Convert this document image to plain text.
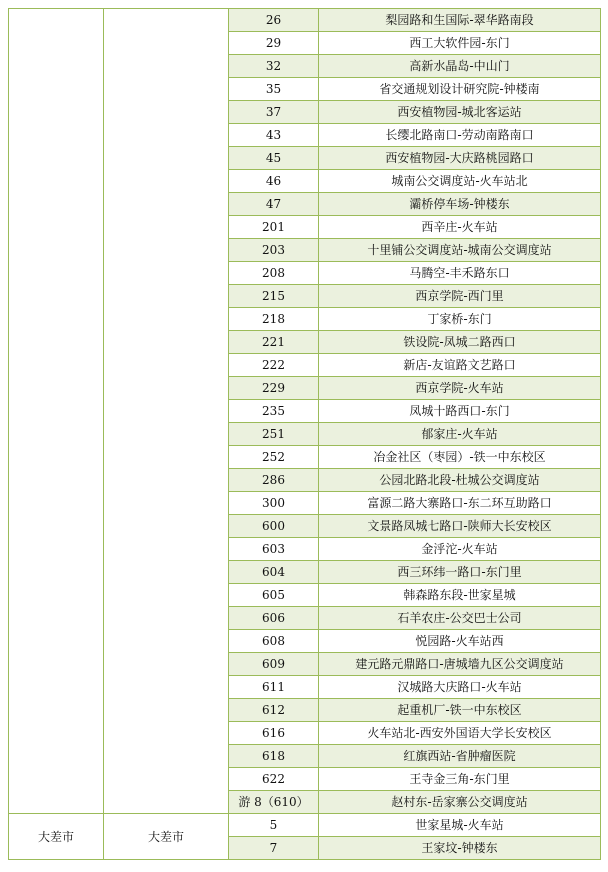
		26	梨园路和生国际-翠华路南段
		29	西工大软件园-东门
		32	高新水晶岛-中山门
		35	省交通规划设计研究院-钟楼南
		37	西安植物园-城北客运站
		43	长缨北路南口-劳动南路南口
		45	西安植物园-大庆路桃园路口
		46	城南公交调度站-火车站北
		47	灞桥停车场-钟楼东
		201	西辛庄-火车站
		203	十里铺公交调度站-城南公交调度站
		208	马腾空-丰禾路东口
		215	西京学院-西门里
		218	丁家桥-东门
		221	铁设院-凤城二路西口
		222	新店-友谊路文艺路口
		229	西京学院-火车站
		235	凤城十路西口-东门
		251	郁家庄-火车站
		252	冶金社区（枣园）-铁一中东校区
		286	公园北路北段-杜城公交调度站
		300	富源二路大寨路口-东二环互助路口
		600	文景路凤城七路口-陕师大长安校区
		603	金泘沱-火车站
		604	西三环纬一路口-东门里
		605	韩森路东段-世家星城
		606	石羊农庄-公交巴士公司
		608	悦园路-火车站西
		609	建元路元鼎路口-唐城墙九区公交调度站
		611	汉城路大庆路口-火车站
		612	起重机厂-铁一中东校区
		616	火车站北-西安外国语大学长安校区
		618	红旗西站-省肿瘤医院
		622	王寺金三角-东门里
		游 8（610）	赵村东-岳家寨公交调度站
大差市	大差市	5	世家星城-火车站
		7	王家坟-钟楼东
